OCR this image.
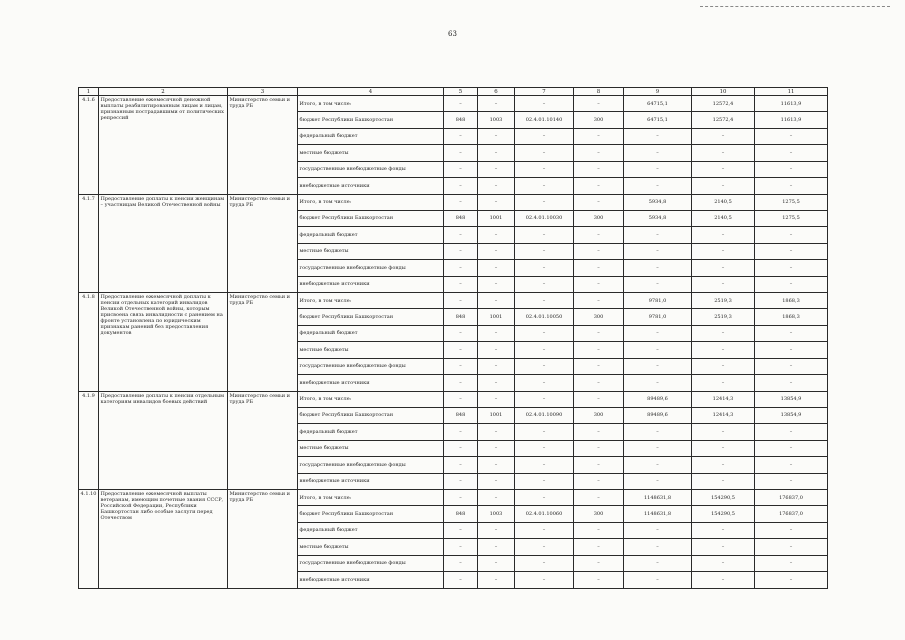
63
1	2	3	4	5	6	7	8	9	10	11
4.1.6	Предоставление ежемесячной денежной выплаты реабилитированным лицам и лицам, признанным пострадавшими от политических репрессий	Министерство семьи и труда РБ	Итого, в том числе:	–	–	–	–	64715,1	12572,4	11613,9
			бюджет Республики Башкортостан	848	1003	02.4.01.10140	300	64715,1	12572,4	11613,9
			федеральный бюджет	–	–	–	–	–	–	–
			местные бюджеты	–	–	–	–	–	–	–
			государственные внебюджетные фонды	–	–	–	–	–	–	–
			внебюджетные источники	–	–	–	–	–	–	–
4.1.7	Предоставление доплаты к пенсии женщинам – участницам Великой Отечественной войны	Министерство семьи и труда РБ	Итого, в том числе:	–	–	–	–	5934,8	2140,5	1275,5
			бюджет Республики Башкортостан	848	1001	02.4.01.10030	300	5934,8	2140,5	1275,5
			федеральный бюджет	–	–	–	–	–	–	–
			местные бюджеты	–	–	–	–	–	–	–
			государственные внебюджетные фонды	–	–	–	–	–	–	–
			внебюджетные источники	–	–	–	–	–	–	–
4.1.8	Предоставление ежемесячной доплаты к пенсии отдельных категорий инвалидов Великой Отечественной войны, которым присвоена связь инвалидности с ранением на фронте установлена по юридическим признакам ранений без предоставления документов	Министерство семьи и труда РБ	Итого, в том числе:	–	–	–	–	9781,0	2519,3	1868,3
			бюджет Республики Башкортостан	848	1001	02.4.01.10050	300	9781,0	2519,3	1868,3
			федеральный бюджет	–	–	–	–	–	–	–
			местные бюджеты	–	–	–	–	–	–	–
			государственные внебюджетные фонды	–	–	–	–	–	–	–
			внебюджетные источники	–	–	–	–	–	–	–
4.1.9	Предоставление доплаты к пенсии отдельным категориям инвалидов боевых действий	Министерство семьи и труда РБ	Итого, в том числе:	–	–	–	–	89489,6	12414,3	13854,9
			бюджет Республики Башкортостан	848	1001	02.4.01.10090	300	89489,6	12414,3	13854,9
			федеральный бюджет	–	–	–	–	–	–	–
			местные бюджеты	–	–	–	–	–	–	–
			государственные внебюджетные фонды	–	–	–	–	–	–	–
			внебюджетные источники	–	–	–	–	–	–	–
4.1.10	Предоставление ежемесячной выплаты ветеранам, имеющим почетные звания СССР, Российской Федерации, Республики Башкортостан либо особые заслуги перед Отечеством	Министерство семьи и труда РБ	Итого, в том числе:	–	–	–	–	1148631,8	154290,5	176837,0
			бюджет Республики Башкортостан	848	1003	02.4.01.10060	300	1148631,8	154290,5	176837,0
			федеральный бюджет	–	–	–	–	–	–	–
			местные бюджеты	–	–	–	–	–	–	–
			государственные внебюджетные фонды	–	–	–	–	–	–	–
			внебюджетные источники	–	–	–	–	–	–	–
